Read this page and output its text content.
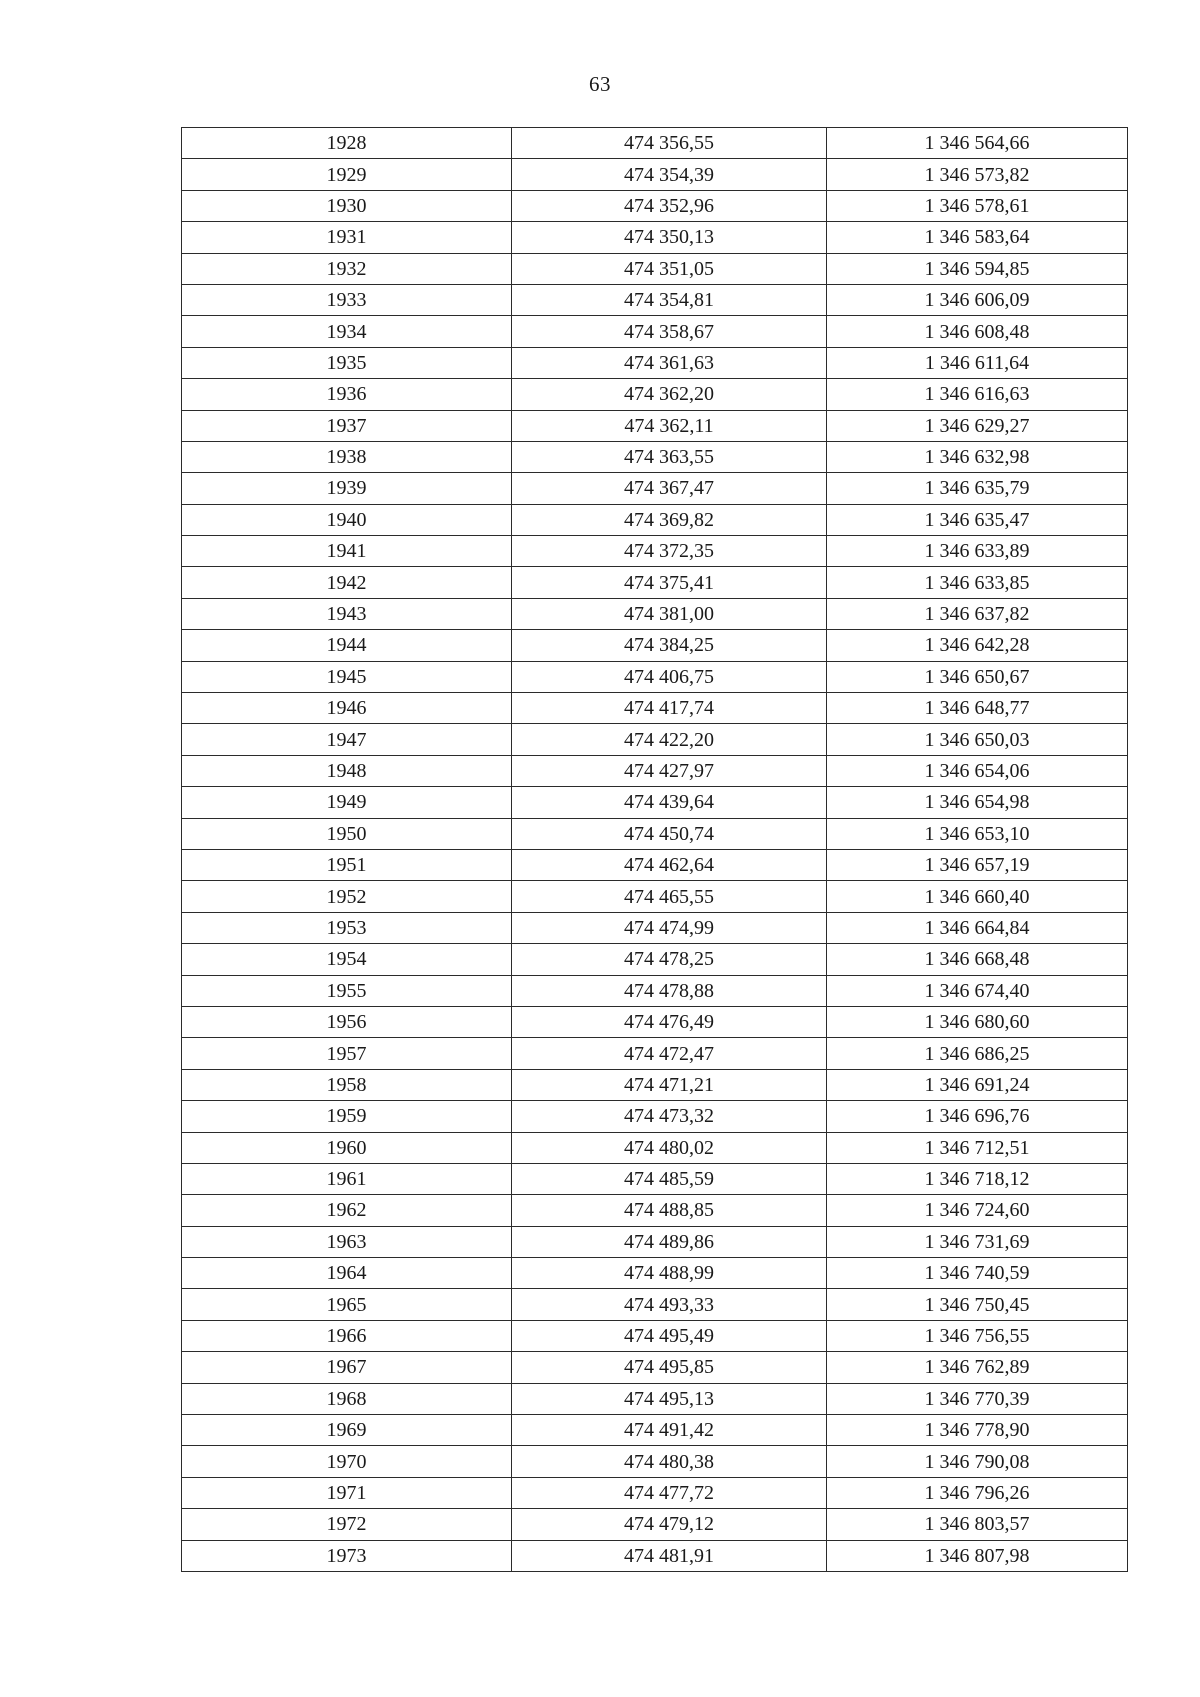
63
1928	474 356,55	1 346 564,66
1929	474 354,39	1 346 573,82
1930	474 352,96	1 346 578,61
1931	474 350,13	1 346 583,64
1932	474 351,05	1 346 594,85
1933	474 354,81	1 346 606,09
1934	474 358,67	1 346 608,48
1935	474 361,63	1 346 611,64
1936	474 362,20	1 346 616,63
1937	474 362,11	1 346 629,27
1938	474 363,55	1 346 632,98
1939	474 367,47	1 346 635,79
1940	474 369,82	1 346 635,47
1941	474 372,35	1 346 633,89
1942	474 375,41	1 346 633,85
1943	474 381,00	1 346 637,82
1944	474 384,25	1 346 642,28
1945	474 406,75	1 346 650,67
1946	474 417,74	1 346 648,77
1947	474 422,20	1 346 650,03
1948	474 427,97	1 346 654,06
1949	474 439,64	1 346 654,98
1950	474 450,74	1 346 653,10
1951	474 462,64	1 346 657,19
1952	474 465,55	1 346 660,40
1953	474 474,99	1 346 664,84
1954	474 478,25	1 346 668,48
1955	474 478,88	1 346 674,40
1956	474 476,49	1 346 680,60
1957	474 472,47	1 346 686,25
1958	474 471,21	1 346 691,24
1959	474 473,32	1 346 696,76
1960	474 480,02	1 346 712,51
1961	474 485,59	1 346 718,12
1962	474 488,85	1 346 724,60
1963	474 489,86	1 346 731,69
1964	474 488,99	1 346 740,59
1965	474 493,33	1 346 750,45
1966	474 495,49	1 346 756,55
1967	474 495,85	1 346 762,89
1968	474 495,13	1 346 770,39
1969	474 491,42	1 346 778,90
1970	474 480,38	1 346 790,08
1971	474 477,72	1 346 796,26
1972	474 479,12	1 346 803,57
1973	474 481,91	1 346 807,98
